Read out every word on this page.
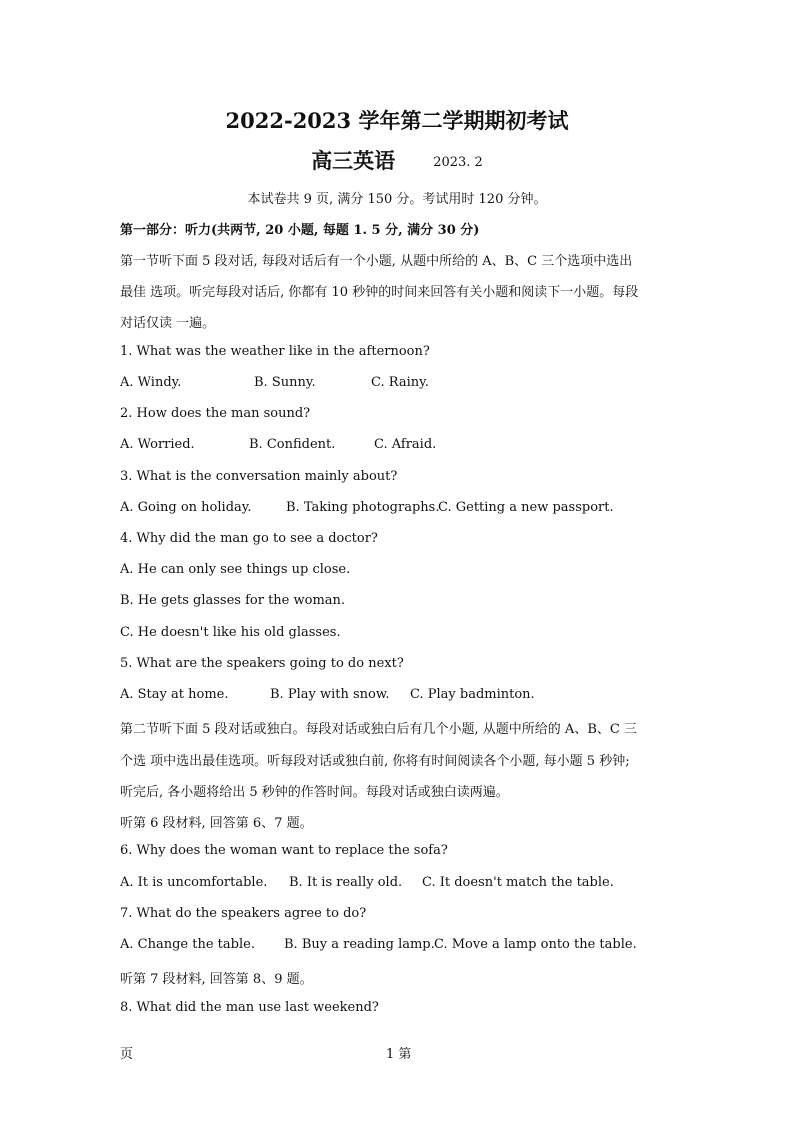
2022-2023 学年第二学期期初考试
高三英语	2023. 2
本试卷共 9 页, 满分 150 分。考试用时 120 分钟。
第一部分：听力(共两节, 20 小题, 每题 1. 5 分, 满分 30 分)
第一节听下面 5 段对话, 每段对话后有一个小题, 从题中所给的 A、B、C 三个选项中选出
最佳 选项。听完每段对话后, 你都有 10 秒钟的时间来回答有关小题和阅读下一小题。每段
对话仅读 一遍。
1. What was the weather like in the afternoon?
A. Windy.	B. Sunny.	C. Rainy.
2. How does the man sound?
A. Worried.	B. Confident.	C. Afraid.
3. What is the conversation mainly about?
A. Going on holiday.	B. Taking photographs.
C. Getting a new passport.
4. Why did the man go to see a doctor?
A. He can only see things up close.
B. He gets glasses for the woman.
C. He doesn't like his old glasses.
5. What are the speakers going to do next?
A. Stay at home.	B. Play with snow. C. Play badminton.
第二节听下面 5 段对话或独白。每段对话或独白后有几个小题, 从题中所给的 A、B、C 三
个选 项中选出最佳选项。听每段对话或独白前, 你将有时间阅读各个小题, 每小题 5 秒钟;
听完后, 各小题将给出 5 秒钟的作答时间。每段对话或独白读两遍。
听第 6 段材料, 回答第 6、7 题。
6. Why does the woman want to replace the sofa?
A. It is uncomfortable. B. It is really old. C. It doesn't match the table.
7. What do the speakers agree to do?
A. Change the table. B. Buy a reading lamp. C. Move a lamp onto the table.
听第 7 段材料, 回答第 8、9 题。
8. What did the man use last weekend?
页	1 第
